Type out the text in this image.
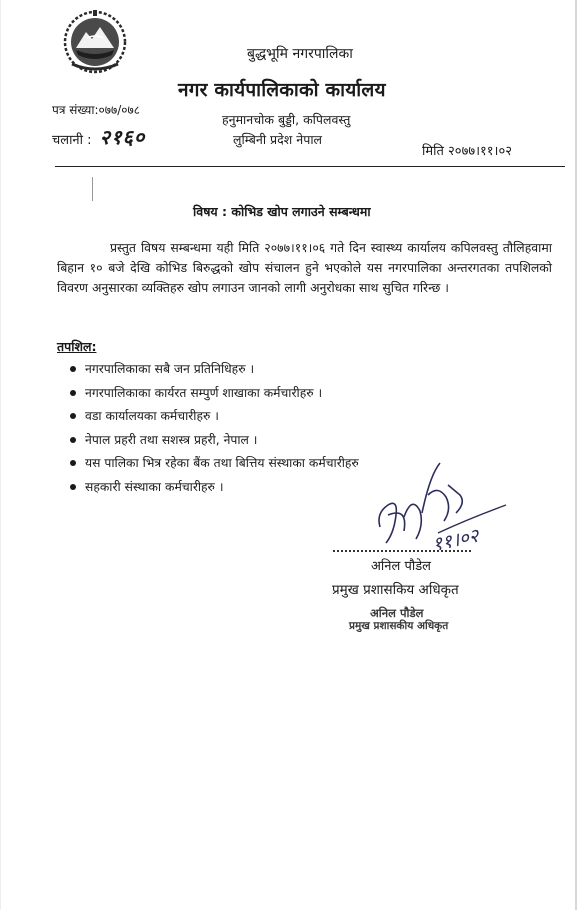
बुद्धभूमि नगरपालिका
नगर कार्यपालिकाको कार्यालय
पत्र संख्या:०७७/०७८
चलानी : २१६०
हनुमानचोक बुड्डी, कपिलवस्तु
लुम्बिनी प्रदेश नेपाल
मिति २०७७।११।०२
विषय : कोभिड खोप लगाउने सम्बन्धमा
प्रस्तुत विषय सम्बन्धमा यही मिति २०७७।११।०६ गते दिन स्वास्थ्य कार्यालय कपिलवस्तु तौलिहवामा बिहान १० बजे देखि कोभिड बिरुद्धको खोप संचालन हुने भएकोले यस नगरपालिका अन्तरगतका तपशिलको विवरण अनुसारका व्यक्तिहरु खोप लगाउन जानको लागी अनुरोधका साथ सुचित गरिन्छ ।
तपशिल:
नगरपालिकाका सबै जन प्रतिनिधिहरु ।
नगरपालिकाका कार्यरत सम्पुर्ण शाखाका कर्मचारीहरु ।
वडा कार्यालयका कर्मचारीहरु ।
नेपाल प्रहरी तथा सशस्त्र प्रहरी, नेपाल ।
यस पालिका भित्र रहेका बैंक तथा बित्तिय संस्थाका कर्मचारीहरु
सहकारी संस्थाका कर्मचारीहरु ।
११।०२
अनिल पौडेल
प्रमुख प्रशासकिय अधिकृत
अनिल पौडेल
प्रमुख प्रशासकीय अधिकृत
